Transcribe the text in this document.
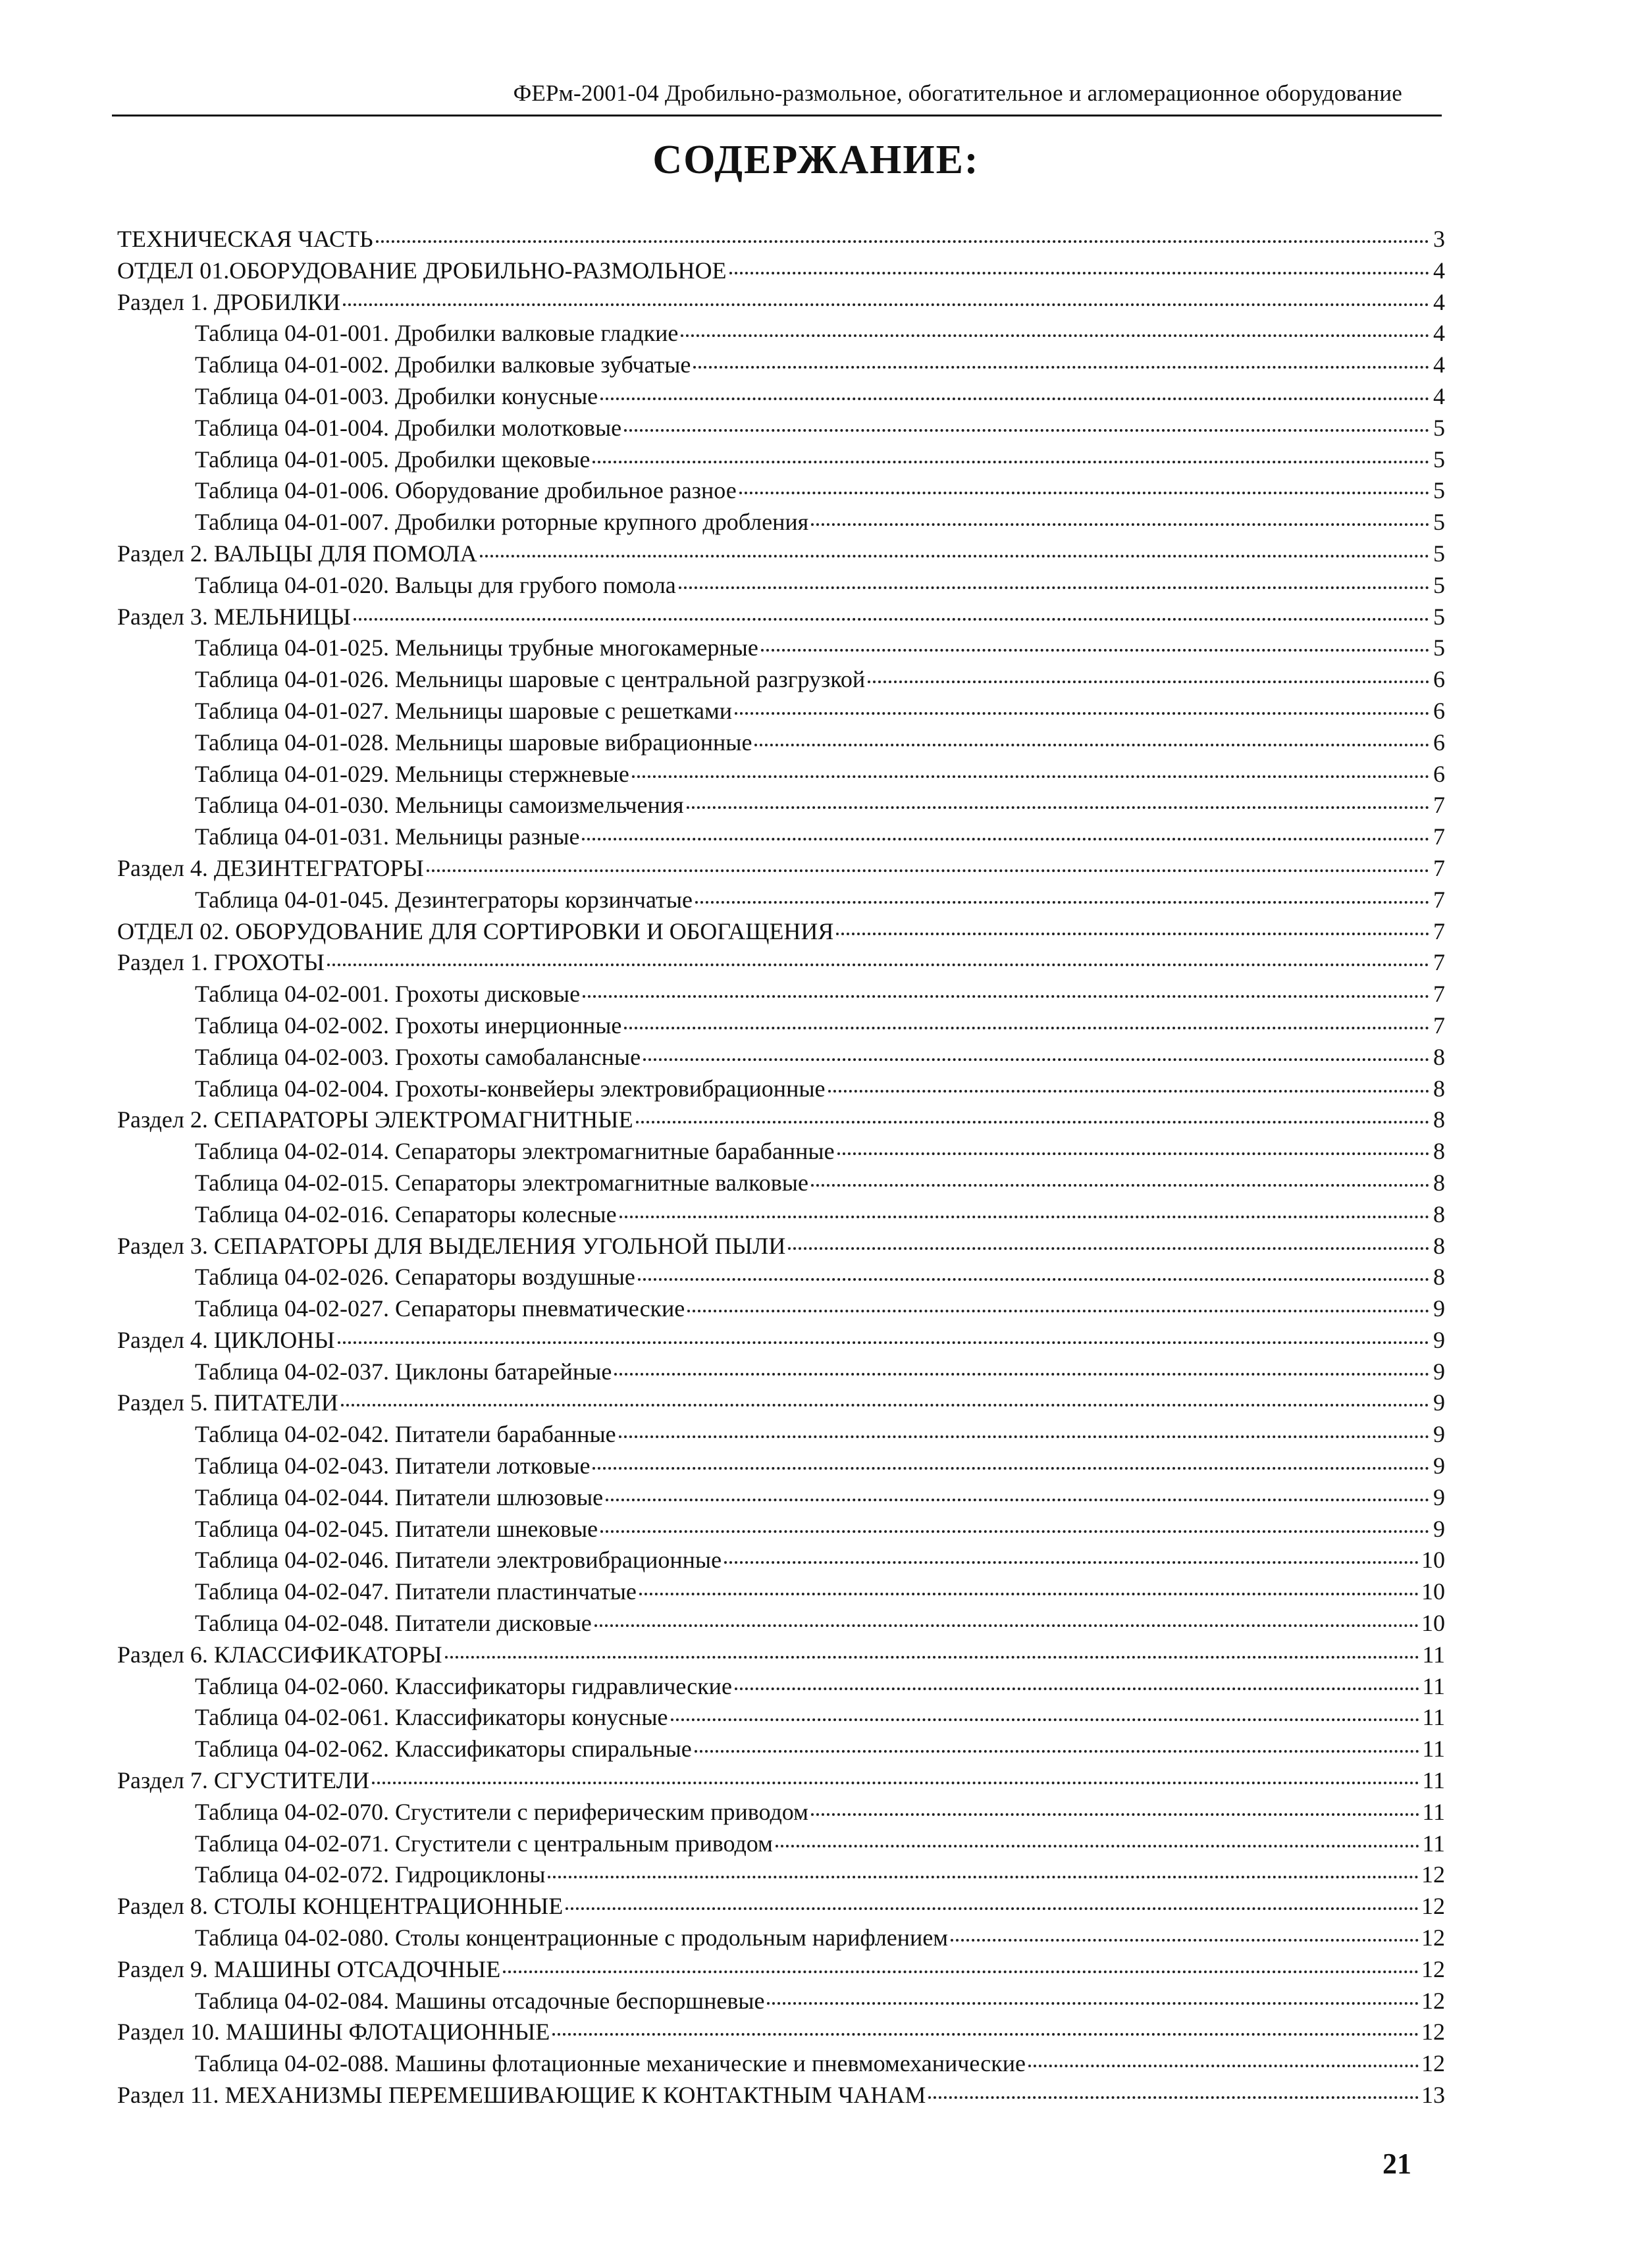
ФЕРм-2001-04 Дробильно-размольное, обогатительное и агломерационное оборудование
СОДЕРЖАНИЕ:
ТЕХНИЧЕСКАЯ ЧАСТЬ	3
ОТДЕЛ 01.ОБОРУДОВАНИЕ ДРОБИЛЬНО-РАЗМОЛЬНОЕ	4
Раздел 1. ДРОБИЛКИ	4
Таблица 04-01-001. Дробилки валковые гладкие	4
Таблица 04-01-002. Дробилки валковые зубчатые	4
Таблица 04-01-003. Дробилки конусные	4
Таблица 04-01-004. Дробилки молотковые	5
Таблица 04-01-005. Дробилки щековые	5
Таблица 04-01-006. Оборудование дробильное разное	5
Таблица 04-01-007. Дробилки роторные крупного дробления	5
Раздел 2. ВАЛЬЦЫ ДЛЯ ПОМОЛА	5
Таблица 04-01-020. Вальцы для грубого помола	5
Раздел 3. МЕЛЬНИЦЫ	5
Таблица 04-01-025. Мельницы трубные многокамерные	5
Таблица 04-01-026. Мельницы шаровые с центральной разгрузкой	6
Таблица 04-01-027. Мельницы шаровые с решетками	6
Таблица 04-01-028. Мельницы шаровые вибрационные	6
Таблица 04-01-029. Мельницы стержневые	6
Таблица 04-01-030. Мельницы самоизмельчения	7
Таблица 04-01-031. Мельницы разные	7
Раздел 4. ДЕЗИНТЕГРАТОРЫ	7
Таблица 04-01-045. Дезинтеграторы корзинчатые	7
ОТДЕЛ 02. ОБОРУДОВАНИЕ ДЛЯ СОРТИРОВКИ И ОБОГАЩЕНИЯ	7
Раздел 1. ГРОХОТЫ	7
Таблица 04-02-001. Грохоты дисковые	7
Таблица 04-02-002. Грохоты инерционные	7
Таблица 04-02-003. Грохоты самобалансные	8
Таблица 04-02-004. Грохоты-конвейеры электровибрационные	8
Раздел 2. СЕПАРАТОРЫ ЭЛЕКТРОМАГНИТНЫЕ	8
Таблица 04-02-014. Сепараторы электромагнитные барабанные	8
Таблица 04-02-015. Сепараторы электромагнитные валковые	8
Таблица 04-02-016. Сепараторы колесные	8
Раздел 3. СЕПАРАТОРЫ ДЛЯ ВЫДЕЛЕНИЯ УГОЛЬНОЙ ПЫЛИ	8
Таблица 04-02-026. Сепараторы воздушные	8
Таблица 04-02-027. Сепараторы пневматические	9
Раздел 4. ЦИКЛОНЫ	9
Таблица 04-02-037. Циклоны батарейные	9
Раздел 5. ПИТАТЕЛИ	9
Таблица 04-02-042. Питатели барабанные	9
Таблица 04-02-043. Питатели лотковые	9
Таблица 04-02-044. Питатели шлюзовые	9
Таблица 04-02-045. Питатели шнековые	9
Таблица 04-02-046. Питатели электровибрационные	10
Таблица 04-02-047. Питатели пластинчатые	10
Таблица 04-02-048. Питатели дисковые	10
Раздел 6. КЛАССИФИКАТОРЫ	11
Таблица 04-02-060. Классификаторы гидравлические	11
Таблица 04-02-061. Классификаторы конусные	11
Таблица 04-02-062. Классификаторы спиральные	11
Раздел 7. СГУСТИТЕЛИ	11
Таблица 04-02-070. Сгустители с периферическим приводом	11
Таблица 04-02-071. Сгустители с центральным приводом	11
Таблица 04-02-072. Гидроциклоны	12
Раздел 8. СТОЛЫ КОНЦЕНТРАЦИОННЫЕ	12
Таблица 04-02-080. Столы концентрационные с продольным нарифлением	12
Раздел 9. МАШИНЫ ОТСАДОЧНЫЕ	12
Таблица 04-02-084. Машины отсадочные беспоршневые	12
Раздел 10. МАШИНЫ ФЛОТАЦИОННЫЕ	12
Таблица 04-02-088. Машины флотационные механические и пневмомеханические	12
Раздел 11. МЕХАНИЗМЫ ПЕРЕМЕШИВАЮЩИЕ К КОНТАКТНЫМ ЧАНАМ	13
21
